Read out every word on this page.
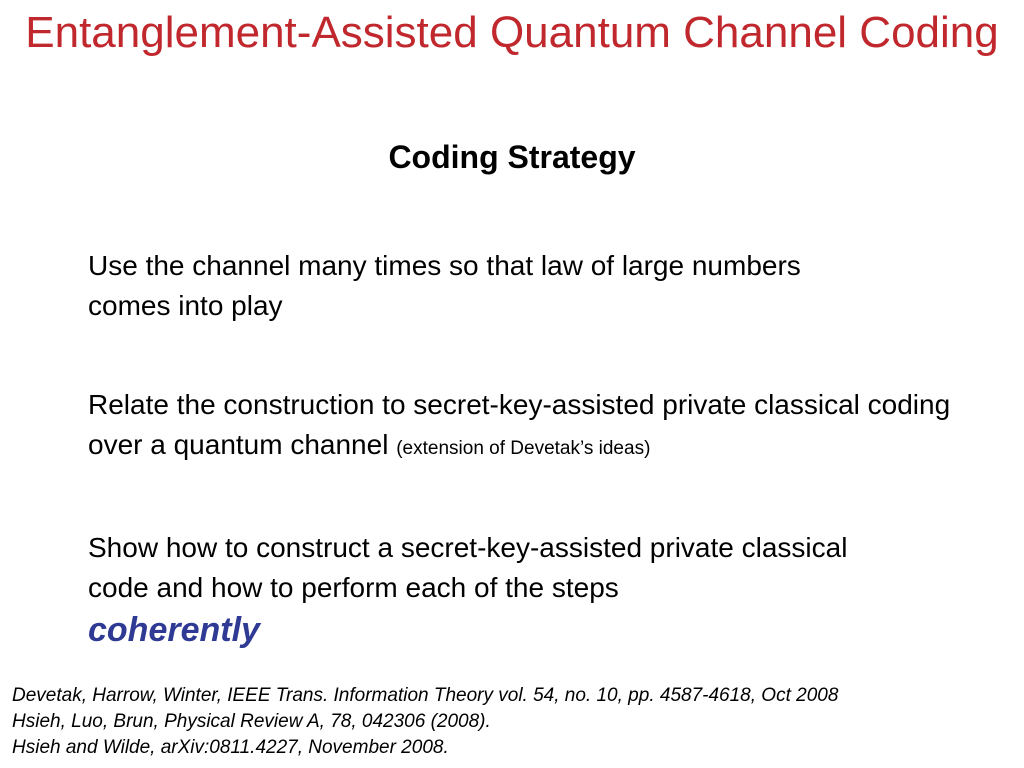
Entanglement-Assisted Quantum Channel Coding
Coding Strategy

Use the channel many times so that law of large numbers comes into play

Relate the construction to secret-key-assisted private classical coding over a quantum channel (extension of Devetak’s ideas)

Show how to construct a secret-key-assisted private classical code and how to perform each of the steps
coherently

Devetak, Harrow, Winter, IEEE Trans. Information Theory vol. 54, no. 10, pp. 4587-4618, Oct 2008
Hsieh, Luo, Brun, Physical Review A, 78, 042306 (2008).
Hsieh and Wilde, arXiv:0811.4227, November 2008.
